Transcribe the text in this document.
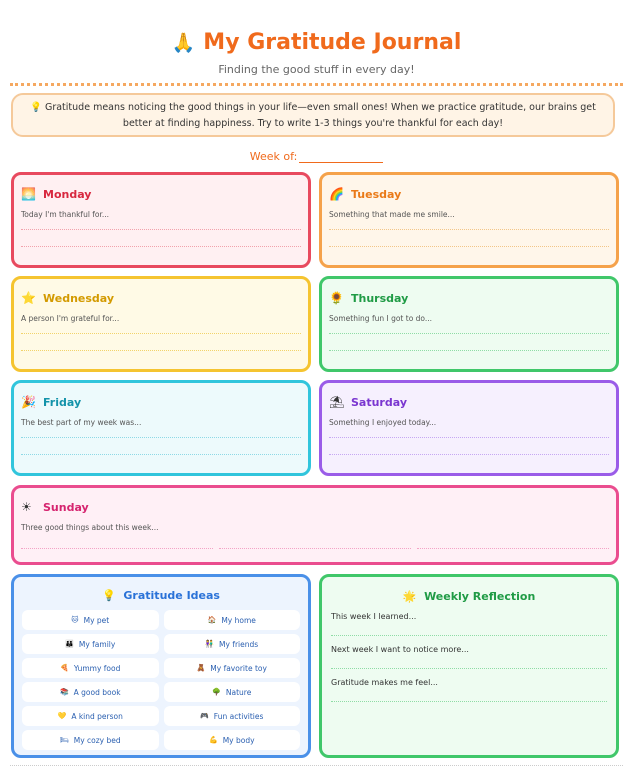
🙏 My Gratitude Journal
Finding the good stuff in every day!
💡 Gratitude means noticing the good things in your life—even small ones! When we practice gratitude, our brains get better at finding happiness. Try to write 1-3 things you're thankful for each day!
Week of:
🌅 Monday
Today I'm thankful for...
🌈 Tuesday
Something that made me smile...
⭐ Wednesday
A person I'm grateful for...
🌻 Thursday
Something fun I got to do...
🎉 Friday
The best part of my week was...
⛱ Saturday
Something I enjoyed today...
☀	Sunday
Three good things about this week...
💡 Gratitude Ideas
🐱 My pet	🏠 My home
👪 My family	👫 My friends
🍕 Yummy food	🧸 My favorite toy
📚 A good book	🌳 Nature
💛 A kind person	🎮 Fun activities
🛏 My cozy bed	💪 My body
🌟 Weekly Reflection
This week I learned...
Next week I want to notice more...
Gratitude makes me feel...
